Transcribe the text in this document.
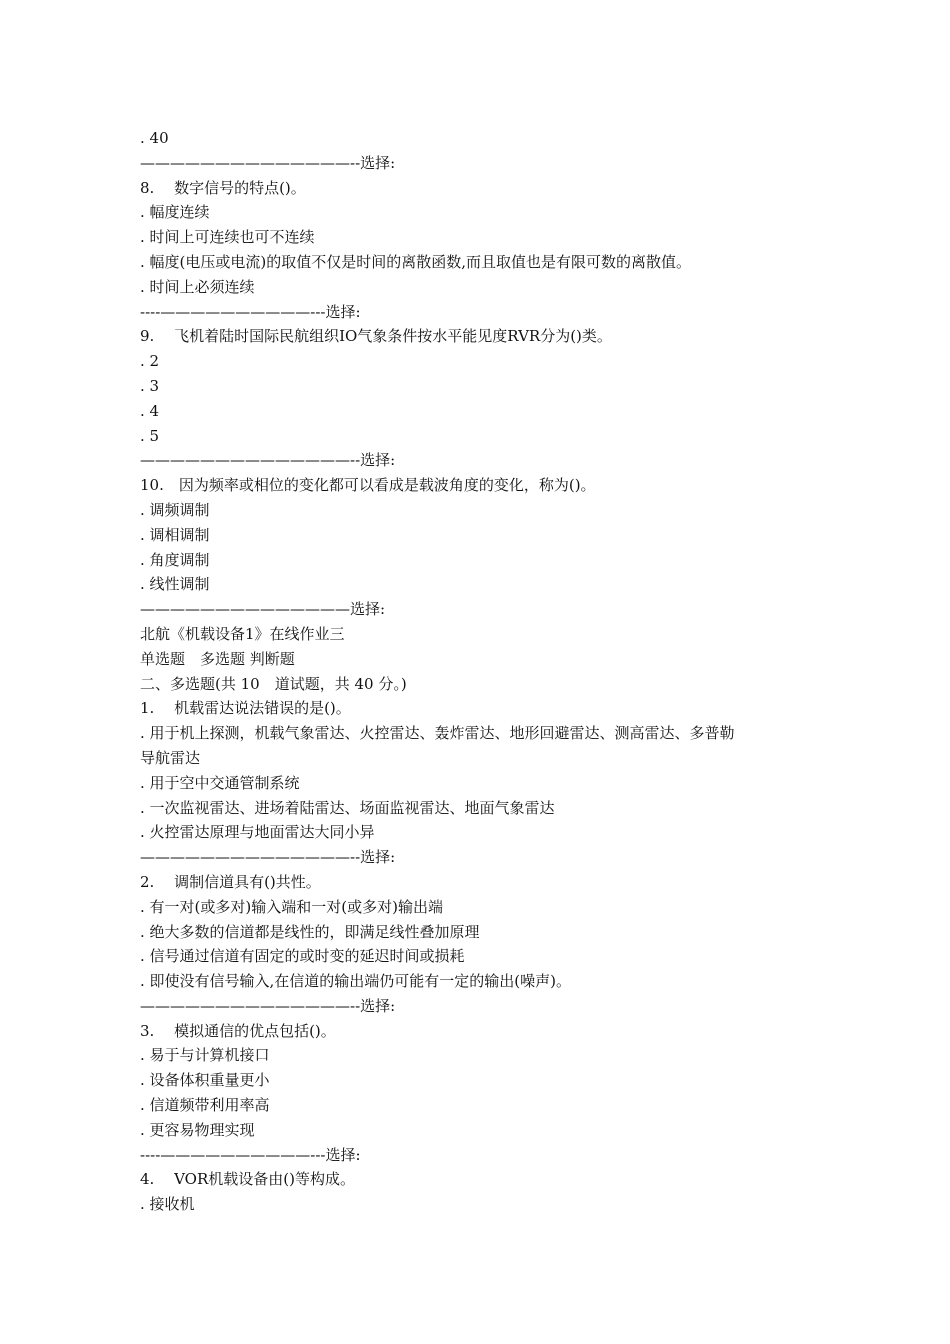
. 40
——————————————--选择:
8.　 数字信号的特点()。
. 幅度连续
. 时间上可连续也可不连续
. 幅度(电压或电流)的取值不仅是时间的离散函数,而且取值也是有限可数的离散值。
. 时间上必须连续
----——————————---选择:
9.　 飞机着陆时国际民航组织IO气象条件按水平能见度RVR分为()类。
. 2
. 3
. 4
. 5
——————————————--选择:
10.　因为频率或相位的变化都可以看成是载波角度的变化，称为()。
. 调频调制
. 调相调制
. 角度调制
. 线性调制
——————————————选择:
北航《机载设备1》在线作业三
单选题　多选题 判断题
二、多选题(共 10　道试题，共 40 分。)
1.　 机载雷达说法错误的是()。
. 用于机上探测，机载气象雷达、火控雷达、轰炸雷达、地形回避雷达、测高雷达、多普勒
导航雷达
. 用于空中交通管制系统
. 一次监视雷达、进场着陆雷达、场面监视雷达、地面气象雷达
. 火控雷达原理与地面雷达大同小异
——————————————--选择:
2.　 调制信道具有()共性。
. 有一对(或多对)输入端和一对(或多对)输出端
. 绝大多数的信道都是线性的，即满足线性叠加原理
. 信号通过信道有固定的或时变的延迟时间或损耗
. 即使没有信号输入,在信道的输出端仍可能有一定的输出(噪声)。
——————————————--选择:
3.　 模拟通信的优点包括()。
. 易于与计算机接口
. 设备体积重量更小
. 信道频带利用率高
. 更容易物理实现
----——————————---选择:
4.　 VOR机载设备由()等构成。
. 接收机
